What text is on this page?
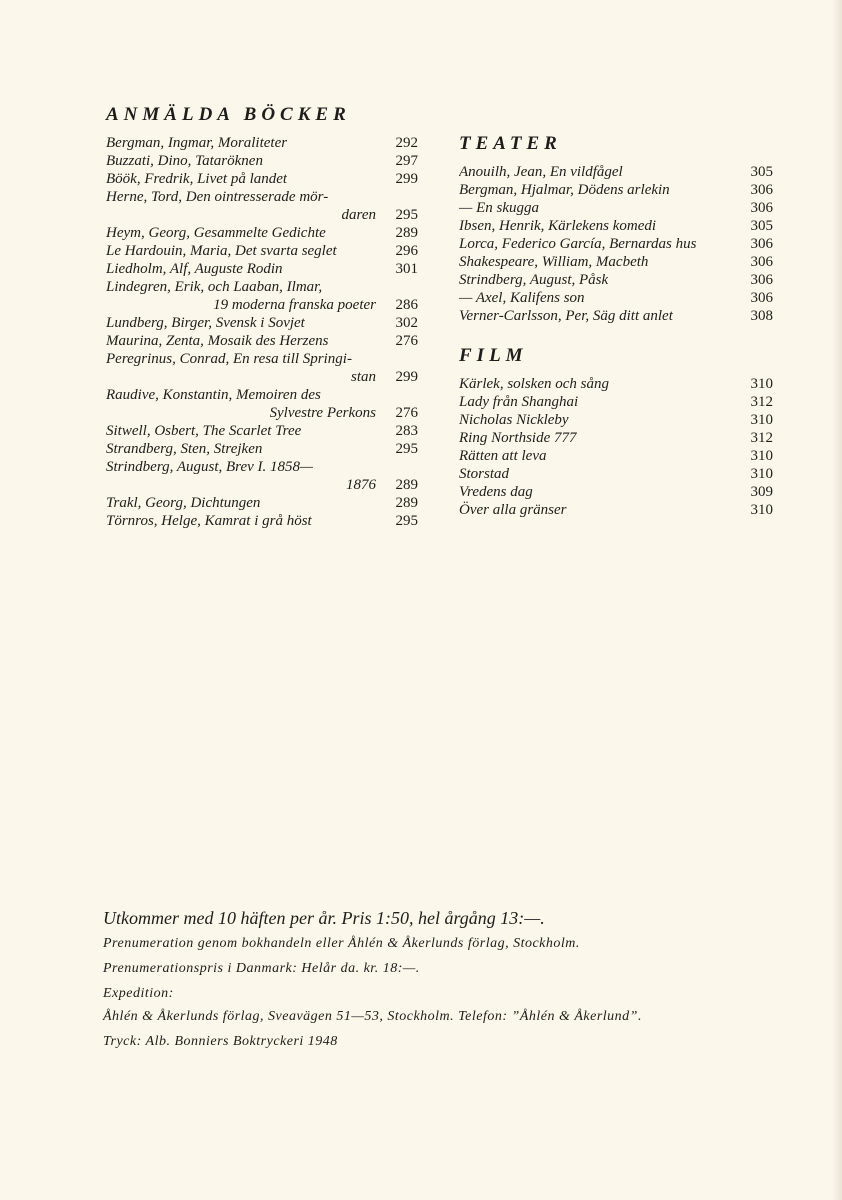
ANMÄLDA BÖCKER
Bergman, Ingmar, Moraliteter	292
Buzzati, Dino, Tataröknen	297
Böök, Fredrik, Livet på landet	299
Herne, Tord, Den ointresserade mör-
daren	295
Heym, Georg, Gesammelte Gedichte	289
Le Hardouin, Maria, Det svarta seglet	296
Liedholm, Alf, Auguste Rodin	301
Lindegren, Erik, och Laaban, Ilmar,
19 moderna franska poeter	286
Lundberg, Birger, Svensk i Sovjet	302
Maurina, Zenta, Mosaik des Herzens	276
Peregrinus, Conrad, En resa till Springi-
stan	299
Raudive, Konstantin, Memoiren des
Sylvestre Perkons	276
Sitwell, Osbert, The Scarlet Tree	283
Strandberg, Sten, Strejken	295
Strindberg, August, Brev I. 1858—
1876	289
Trakl, Georg, Dichtungen	289
Törnros, Helge, Kamrat i grå höst	295
TEATER
Anouilh, Jean, En vildfågel	305
Bergman, Hjalmar, Dödens arlekin	306
— En skugga	306
Ibsen, Henrik, Kärlekens komedi	305
Lorca, Federico García, Bernardas hus	306
Shakespeare, William, Macbeth	306
Strindberg, August, Påsk	306
— Axel, Kalifens son	306
Verner-Carlsson, Per, Säg ditt anlet	308
FILM
Kärlek, solsken och sång	310
Lady från Shanghai	312
Nicholas Nickleby	310
Ring Northside 777	312
Rätten att leva	310
Storstad	310
Vredens dag	309
Över alla gränser	310
Utkommer med 10 häften per år. Pris 1:50, hel årgång 13:—.
Prenumeration genom bokhandeln eller Åhlén & Åkerlunds förlag, Stockholm.
Prenumerationspris i Danmark: Helår da. kr. 18:—.
Expedition:
Åhlén & Åkerlunds förlag, Sveavägen 51—53, Stockholm. Telefon: ”Åhlén & Åkerlund”.
Tryck: Alb. Bonniers Boktryckeri 1948
